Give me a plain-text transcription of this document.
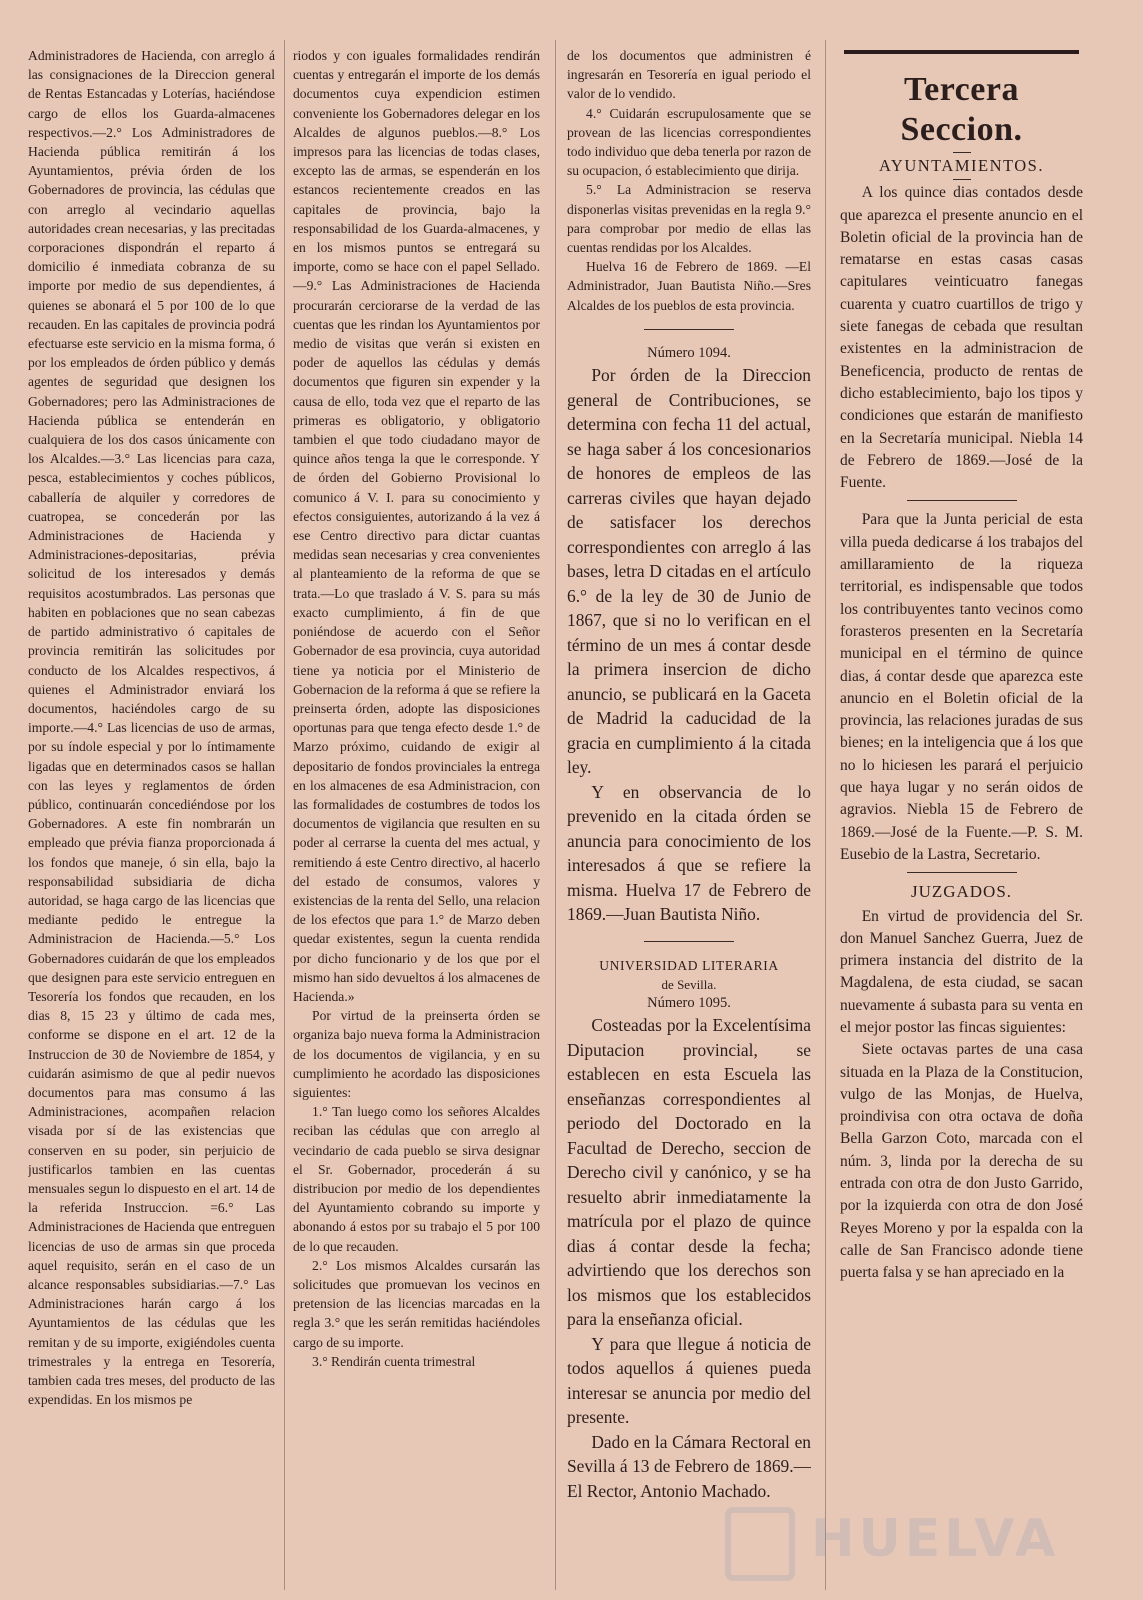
Administradores de Hacienda, con arreglo á las consignaciones de la Direccion general de Rentas Estancadas y Loterías, haciéndose cargo de ellos los Guarda-almacenes respectivos.—2.° Los Administradores de Hacienda pública remitirán á los Ayuntamientos, prévia órden de los Gobernadores de provincia, las cédulas que con arreglo al vecindario aquellas autoridades crean necesarias, y las precitadas corporaciones dispondrán el reparto á domicilio é inmediata cobranza de su importe por medio de sus dependientes, á quienes se abonará el 5 por 100 de lo que recauden. En las capitales de provincia podrá efectuarse este servicio en la misma forma, ó por los empleados de órden público y demás agentes de seguridad que designen los Gobernadores; pero las Administraciones de Hacienda pública se entenderán en cualquiera de los dos casos únicamente con los Alcaldes.—3.° Las licencias para caza, pesca, establecimientos y coches públicos, caballería de alquiler y corredores de cuatropea, se concederán por las Administraciones de Hacienda y Administraciones-depositarias, prévia solicitud de los interesados y demás requisitos acostumbrados. Las personas que habiten en poblaciones que no sean cabezas de partido administrativo ó capitales de provincia remitirán las solicitudes por conducto de los Alcaldes respectivos, á quienes el Administrador enviará los documentos, haciéndoles cargo de su importe.—4.° Las licencias de uso de armas, por su índole especial y por lo íntimamente ligadas que en determinados casos se hallan con las leyes y reglamentos de órden público, continuarán concediéndose por los Gobernadores. A este fin nombrarán un empleado que prévia fianza proporcionada á los fondos que maneje, ó sin ella, bajo la responsabilidad subsidiaria de dicha autoridad, se haga cargo de las licencias que mediante pedido le entregue la Administracion de Hacienda.—5.° Los Gobernadores cuidarán de que los empleados que designen para este servicio entreguen en Tesorería los fondos que recauden, en los dias 8, 15 23 y último de cada mes, conforme se dispone en el art. 12 de la Instruccion de 30 de Noviembre de 1854, y cuidarán asimismo de que al pedir nuevos documentos para mas consumo á las Administraciones, acompañen relacion visada por sí de las existencias que conserven en su poder, sin perjuicio de justificarlos tambien en las cuentas mensuales segun lo dispuesto en el art. 14 de la referida Instruccion. =6.° Las Administraciones de Hacienda que entreguen licencias de uso de armas sin que proceda aquel requisito, serán en el caso de un alcance responsables subsidiarias.—7.° Las Administraciones harán cargo á los Ayuntamientos de las cédulas que les remitan y de su importe, exigiéndoles cuenta trimestrales y la entrega en Tesorería, tambien cada tres meses, del producto de las expendidas. En los mismos pe

riodos y con iguales formalidades rendirán cuentas y entregarán el importe de los demás documentos cuya expendicion estimen conveniente los Gobernadores delegar en los Alcaldes de algunos pueblos.—8.° Los impresos para las licencias de todas clases, excepto las de armas, se espenderán en los estancos recientemente creados en las capitales de provincia, bajo la responsabilidad de los Guarda-almacenes, y en los mismos puntos se entregará su importe, como se hace con el papel Sellado.—9.° Las Administraciones de Hacienda procurarán cerciorarse de la verdad de las cuentas que les rindan los Ayuntamientos por medio de visitas que verán si existen en poder de aquellos las cédulas y demás documentos que figuren sin expender y la causa de ello, toda vez que el reparto de las primeras es obligatorio, y obligatorio tambien el que todo ciudadano mayor de quince años tenga la que le corresponde. Y de órden del Gobierno Provisional lo comunico á V. I. para su conocimiento y efectos consiguientes, autorizando á la vez á ese Centro directivo para dictar cuantas medidas sean necesarias y crea convenientes al planteamiento de la reforma de que se trata.—Lo que traslado á V. S. para su más exacto cumplimiento, á fin de que poniéndose de acuerdo con el Señor Gobernador de esa provincia, cuya autoridad tiene ya noticia por el Ministerio de Gobernacion de la reforma á que se refiere la preinserta órden, adopte las disposiciones oportunas para que tenga efecto desde 1.° de Marzo próximo, cuidando de exigir al depositario de fondos provinciales la entrega en los almacenes de esa Administracion, con las formalidades de costumbres de todos los documentos de vigilancia que resulten en su poder al cerrarse la cuenta del mes actual, y remitiendo á este Centro directivo, al hacerlo del estado de consumos, valores y existencias de la renta del Sello, una relacion de los efectos que para 1.° de Marzo deben quedar existentes, segun la cuenta rendida por dicho funcionario y de los que por el mismo han sido devueltos á los almacenes de Hacienda.»

Por virtud de la preinserta órden se organiza bajo nueva forma la Administracion de los documentos de vigilancia, y en su cumplimiento he acordado las disposiciones siguientes:

1.° Tan luego como los señores Alcaldes reciban las cédulas que con arreglo al vecindario de cada pueblo se sirva designar el Sr. Gobernador, procederán á su distribucion por medio de los dependientes del Ayuntamiento cobrando su importe y abonando á estos por su trabajo el 5 por 100 de lo que recauden.

2.° Los mismos Alcaldes cursarán las solicitudes que promuevan los vecinos en pretension de las licencias marcadas en la regla 3.° que les serán remitidas haciéndoles cargo de su importe.

3.° Rendirán cuenta trimestral

de los documentos que administren é ingresarán en Tesorería en igual periodo el valor de lo vendido.

4.° Cuidarán escrupulosamente que se provean de las licencias correspondientes todo individuo que deba tenerla por razon de su ocupacion, ó establecimiento que dirija.

5.° La Administracion se reserva disponerlas visitas prevenidas en la regla 9.° para comprobar por medio de ellas las cuentas rendidas por los Alcaldes.

Huelva 16 de Febrero de 1869. —El Administrador, Juan Bautista Niño.—Sres Alcaldes de los pueblos de esta provincia.

Número 1094.

Por órden de la Direccion general de Contribuciones, se determina con fecha 11 del actual, se haga saber á los concesionarios de honores de empleos de las carreras civiles que hayan dejado de satisfacer los derechos correspondientes con arreglo á las bases, letra D citadas en el artículo 6.° de la ley de 30 de Junio de 1867, que si no lo verifican en el término de un mes á contar desde la primera insercion de dicho anuncio, se publicará en la Gaceta de Madrid la caducidad de la gracia en cumplimiento á la citada ley.

Y en observancia de lo prevenido en la citada órden se anuncia para conocimiento de los interesados á que se refiere la misma. Huelva 17 de Febrero de 1869.—Juan Bautista Niño.

UNIVERSIDAD LITERARIA

de Sevilla.

Número 1095.

Costeadas por la Excelentísima Diputacion provincial, se establecen en esta Escuela las enseñanzas correspondientes al periodo del Doctorado en la Facultad de Derecho, seccion de Derecho civil y canónico, y se ha resuelto abrir inmediatamente la matrícula por el plazo de quince dias á contar desde la fecha; advirtiendo que los derechos son los mismos que los establecidos para la enseñanza oficial.

Y para que llegue á noticia de todos aquellos á quienes pueda interesar se anuncia por medio del presente.

Dado en la Cámara Rectoral en Sevilla á 13 de Febrero de 1869.—El Rector, Antonio Machado.

Tercera Seccion.
AYUNTAMIENTOS.

A los quince dias contados desde que aparezca el presente anuncio en el Boletin oficial de la provincia han de rematarse en estas casas casas capitulares veinticuatro fanegas cuarenta y cuatro cuartillos de trigo y siete fanegas de cebada que resultan existentes en la administracion de Beneficencia, producto de rentas de dicho establecimiento, bajo los tipos y condiciones que estarán de manifiesto en la Secretaría municipal. Niebla 14 de Febrero de 1869.—José de la Fuente.

Para que la Junta pericial de esta villa pueda dedicarse á los trabajos del amillaramiento de la riqueza territorial, es indispensable que todos los contribuyentes tanto vecinos como forasteros presenten en la Secretaría municipal en el término de quince dias, á contar desde que aparezca este anuncio en el Boletin oficial de la provincia, las relaciones juradas de sus bienes; en la inteligencia que á los que no lo hiciesen les parará el perjuicio que haya lugar y no serán oidos de agravios. Niebla 15 de Febrero de 1869.—José de la Fuente.—P. S. M. Eusebio de la Lastra, Secretario.

JUZGADOS.

En virtud de providencia del Sr. don Manuel Sanchez Guerra, Juez de primera instancia del distrito de la Magdalena, de esta ciudad, se sacan nuevamente á subasta para su venta en el mejor postor las fincas siguientes:

Siete octavas partes de una casa situada en la Plaza de la Constitucion, vulgo de las Monjas, de Huelva, proindivisa con otra octava de doña Bella Garzon Coto, marcada con el núm. 3, linda por la derecha de su entrada con otra de don Justo Garrido, por la izquierda con otra de don José Reyes Moreno y por la espalda con la calle de San Francisco adonde tiene puerta falsa y se han apreciado en la

HUELVA
